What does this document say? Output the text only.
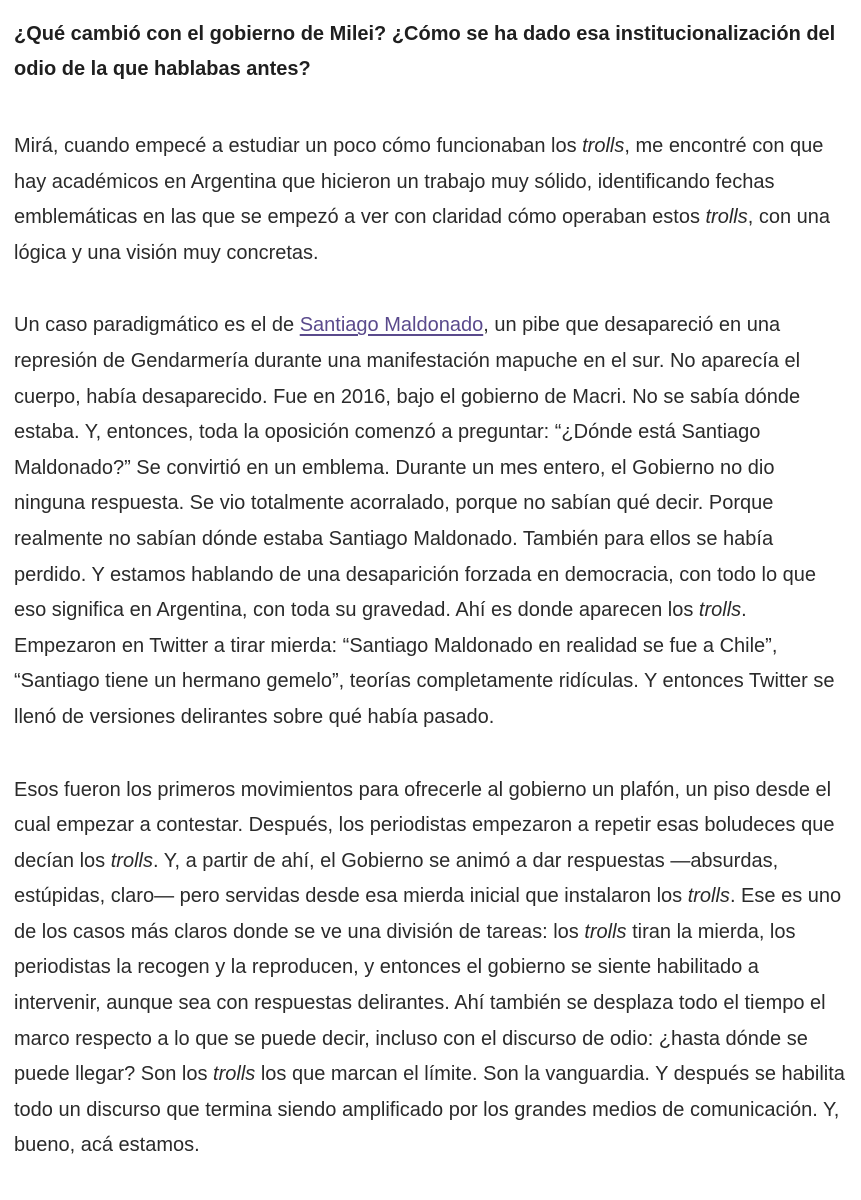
¿Qué cambió con el gobierno de Milei? ¿Cómo se ha dado esa institucionalización del odio de la que hablabas antes?

Mirá, cuando empecé a estudiar un poco cómo funcionaban los trolls, me encontré con que hay académicos en Argentina que hicieron un trabajo muy sólido, identificando fechas emblemáticas en las que se empezó a ver con claridad cómo operaban estos trolls, con una lógica y una visión muy concretas.

Un caso paradigmático es el de Santiago Maldonado, un pibe que desapareció en una represión de Gendarmería durante una manifestación mapuche en el sur. No aparecía el cuerpo, había desaparecido. Fue en 2016, bajo el gobierno de Macri. No se sabía dónde estaba. Y, entonces, toda la oposición comenzó a preguntar: “¿Dónde está Santiago Maldonado?” Se convirtió en un emblema. Durante un mes entero, el Gobierno no dio ninguna respuesta. Se vio totalmente acorralado, porque no sabían qué decir. Porque realmente no sabían dónde estaba Santiago Maldonado. También para ellos se había perdido. Y estamos hablando de una desaparición forzada en democracia, con todo lo que eso significa en Argentina, con toda su gravedad. Ahí es donde aparecen los trolls. Empezaron en Twitter a tirar mierda: “Santiago Maldonado en realidad se fue a Chile”, “Santiago tiene un hermano gemelo”, teorías completamente ridículas. Y entonces Twitter se llenó de versiones delirantes sobre qué había pasado.

Esos fueron los primeros movimientos para ofrecerle al gobierno un plafón, un piso desde el cual empezar a contestar. Después, los periodistas empezaron a repetir esas boludeces que decían los trolls. Y, a partir de ahí, el Gobierno se animó a dar respuestas —absurdas, estúpidas, claro— pero servidas desde esa mierda inicial que instalaron los trolls. Ese es uno de los casos más claros donde se ve una división de tareas: los trolls tiran la mierda, los periodistas la recogen y la reproducen, y entonces el gobierno se siente habilitado a intervenir, aunque sea con respuestas delirantes. Ahí también se desplaza todo el tiempo el marco respecto a lo que se puede decir, incluso con el discurso de odio: ¿hasta dónde se puede llegar? Son los trolls los que marcan el límite. Son la vanguardia. Y después se habilita todo un discurso que termina siendo amplificado por los grandes medios de comunicación. Y, bueno, acá estamos.
